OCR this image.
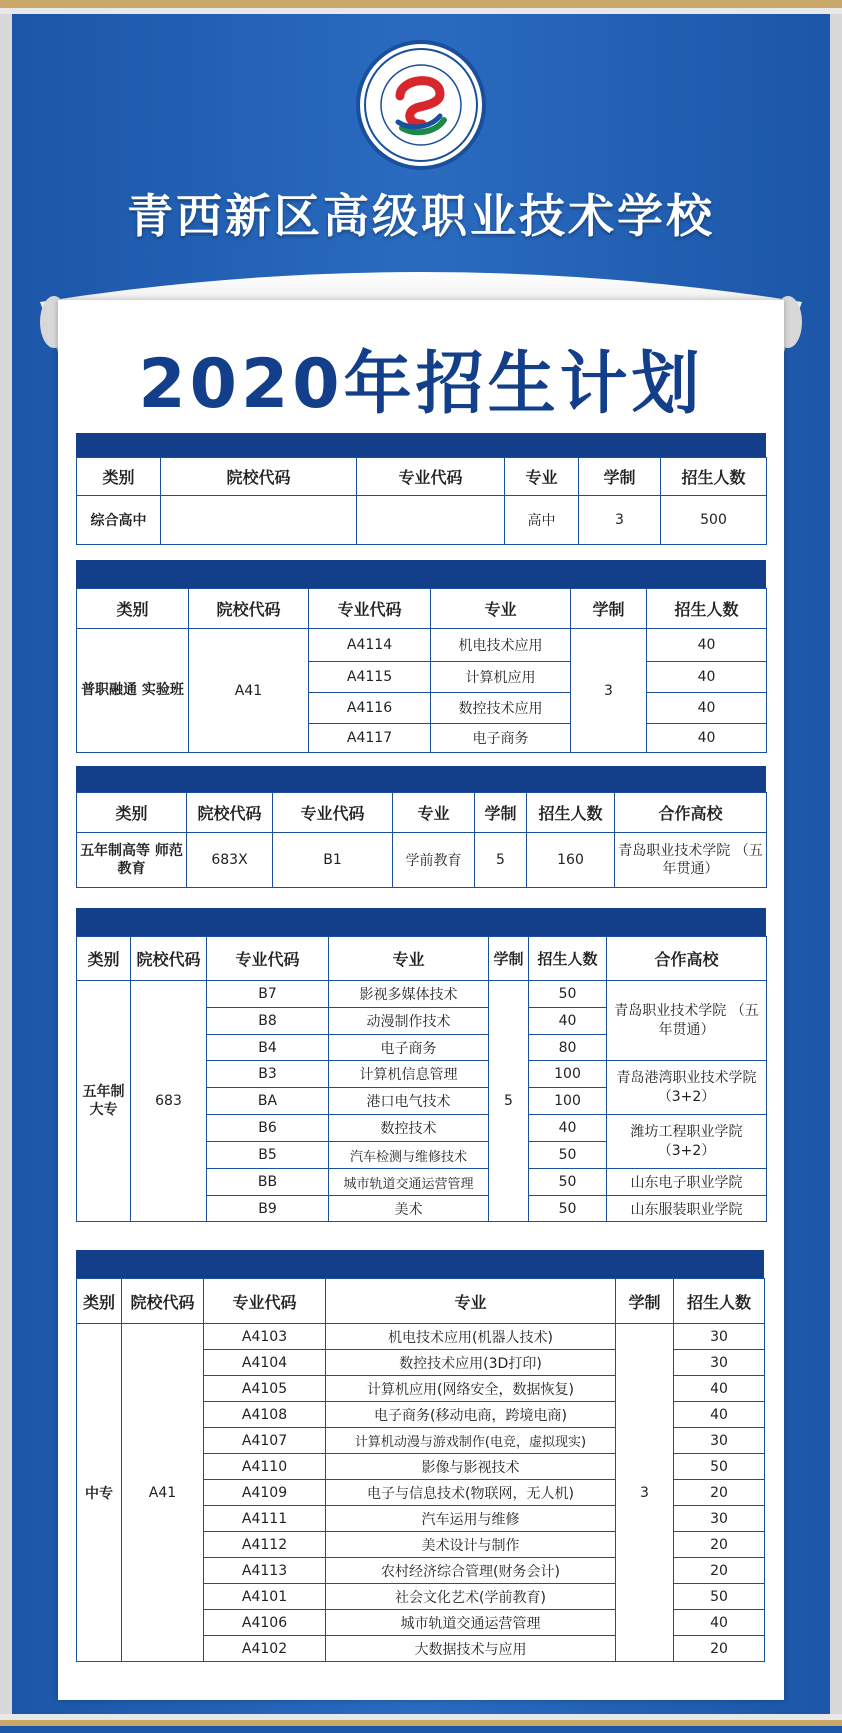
青西新区高级职业技术学校
2020年招生计划
类别	院校代码	专业代码	专业	学制	招生人数
综合高中			高中	3	500
类别	院校代码	专业代码	专业	学制	招生人数
普职融通 实验班	A41	A4114	机电技术应用	3	40
		A4115	计算机应用		40
		A4116	数控技术应用		40
		A4117	电子商务		40
类别	院校代码	专业代码	专业	学制	招生人数	合作高校
五年制高等 师范教育	683X	B1	学前教育	5	160	青岛职业技术学院 （五年贯通）
类别	院校代码	专业代码	专业	学制	招生人数	合作高校
五年制 大专	683	B7	影视多媒体技术	5	50	青岛职业技术学院 （五年贯通）
		B8	动漫制作技术		40	
		B4	电子商务		80	
		B3	计算机信息管理		100	青岛港湾职业技术学院 （3+2）
		BA	港口电气技术		100	
		B6	数控技术		40	潍坊工程职业学院 （3+2）
		B5	汽车检测与维修技术		50	
		BB	城市轨道交通运营管理		50	山东电子职业学院
		B9	美术		50	山东服装职业学院
类别	院校代码	专业代码	专业	学制	招生人数
中专	A41	A4103	机电技术应用(机器人技术)	3	30
		A4104	数控技术应用(3D打印)		30
		A4105	计算机应用(网络安全，数据恢复)		40
		A4108	电子商务(移动电商，跨境电商)		40
		A4107	计算机动漫与游戏制作(电竞，虚拟现实)		30
		A4110	影像与影视技术		50
		A4109	电子与信息技术(物联网，无人机)		20
		A4111	汽车运用与维修		30
		A4112	美术设计与制作		20
		A4113	农村经济综合管理(财务会计)		20
		A4101	社会文化艺术(学前教育)		50
		A4106	城市轨道交通运营管理		40
		A4102	大数据技术与应用		20
